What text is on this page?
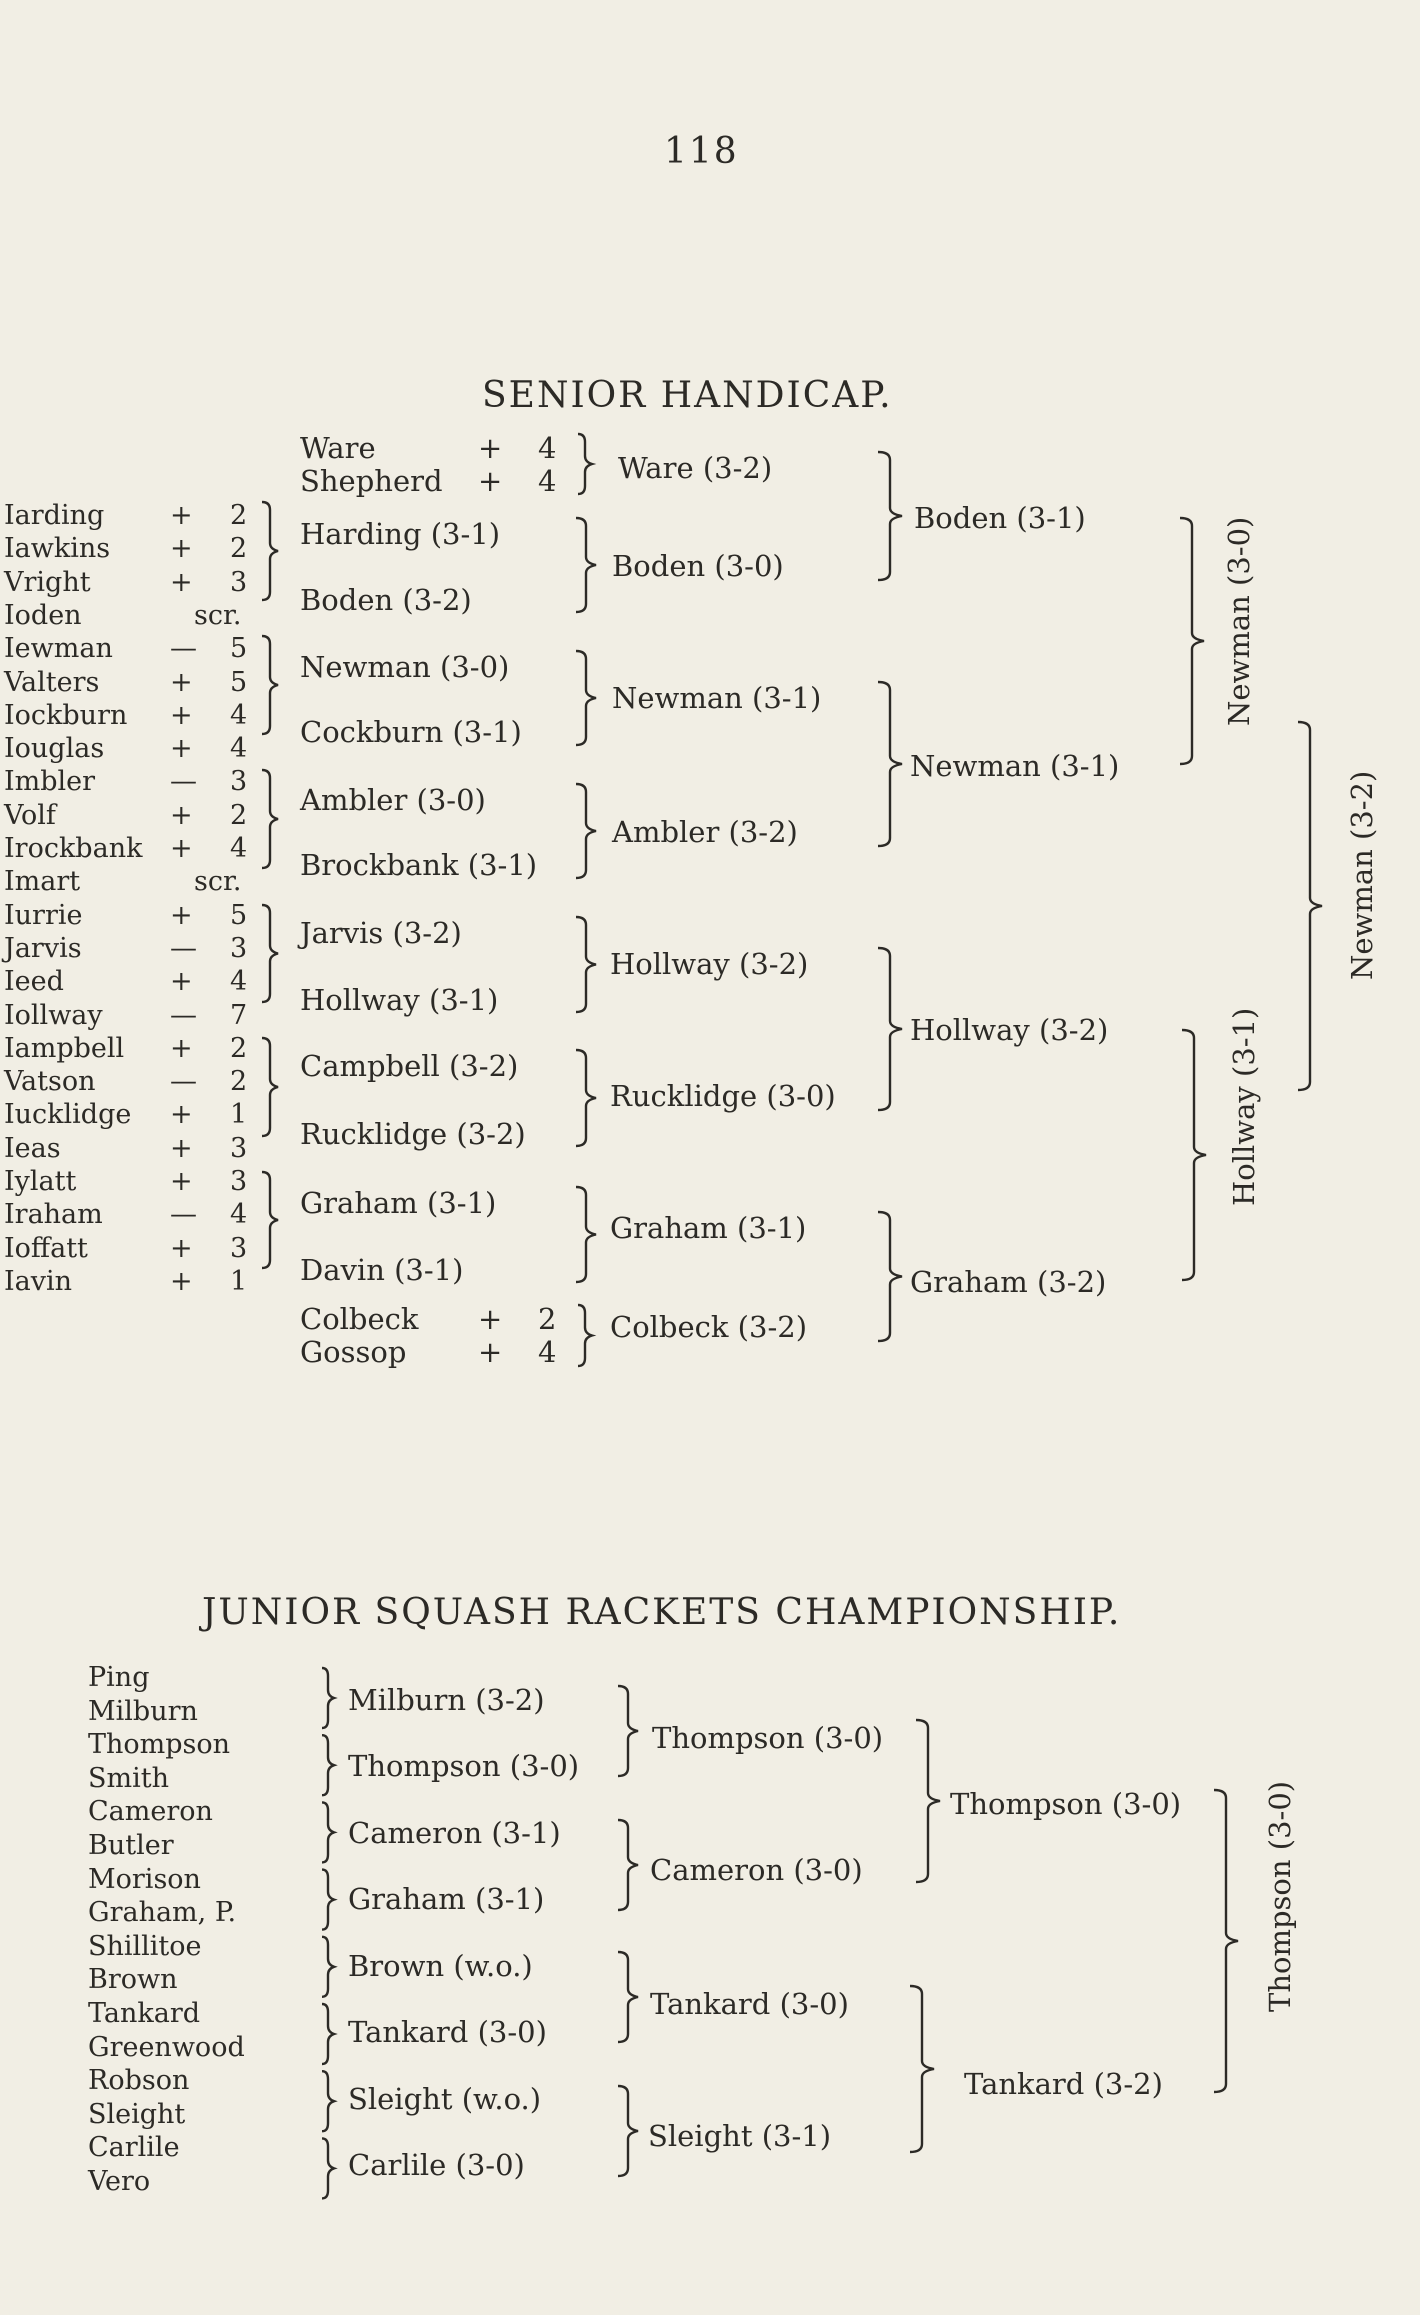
118
SENIOR HANDICAP.
Iarding + 2
Iawkins + 2
Vright	+ 3
Ioden	scr.
Iewman — 5
Valters	+ 5
Iockburn + 4
Iouglas + 4
Imbler	— 3
Volf	+ 2
Irockbank + 4
Imart	scr.
Iurrie	+ 5
Jarvis	— 3
Ieed	+ 4
Iollway — 7
Iampbell + 2
Vatson	— 2
Iucklidge + 1
Ieas	+ 3
Iylatt	+ 3
Iraham — 4
Ioffatt	+ 3
Iavin	+ 1
Ware	+ 4
Shepherd + 4
Harding (3-1)
Boden (3-2)
Newman (3-0)
Cockburn (3-1)
Ambler (3-0)
Brockbank (3-1)
Jarvis (3-2)
Hollway (3-1)
Campbell (3-2)
Rucklidge (3-2)
Graham (3-1)
Davin (3-1)
Colbeck + 2
Gossop + 4
Ware (3-2)
Boden (3-0)
Newman (3-1)
Ambler (3-2)
Hollway (3-2)
Rucklidge (3-0)
Graham (3-1)
Colbeck (3-2)
Boden (3-1)
Newman (3-1)
Hollway (3-2)
Graham (3-2)
Newman (3-0)
Hollway (3-1)
Newman (3-2)
JUNIOR SQUASH RACKETS CHAMPIONSHIP.
Ping
Milburn
Thompson
Smith
Cameron
Butler
Morison
Graham, P.
Shillitoe
Brown
Tankard
Greenwood
Robson
Sleight
Carlile
Vero
Milburn (3-2)
Thompson (3-0)
Cameron (3-1)
Graham (3-1)
Brown (w.o.)
Tankard (3-0)
Sleight (w.o.)
Carlile (3-0)
Thompson (3-0)
Cameron (3-0)
Tankard (3-0)
Sleight (3-1)
Thompson (3-0)
Tankard (3-2)
Thompson (3-0)
